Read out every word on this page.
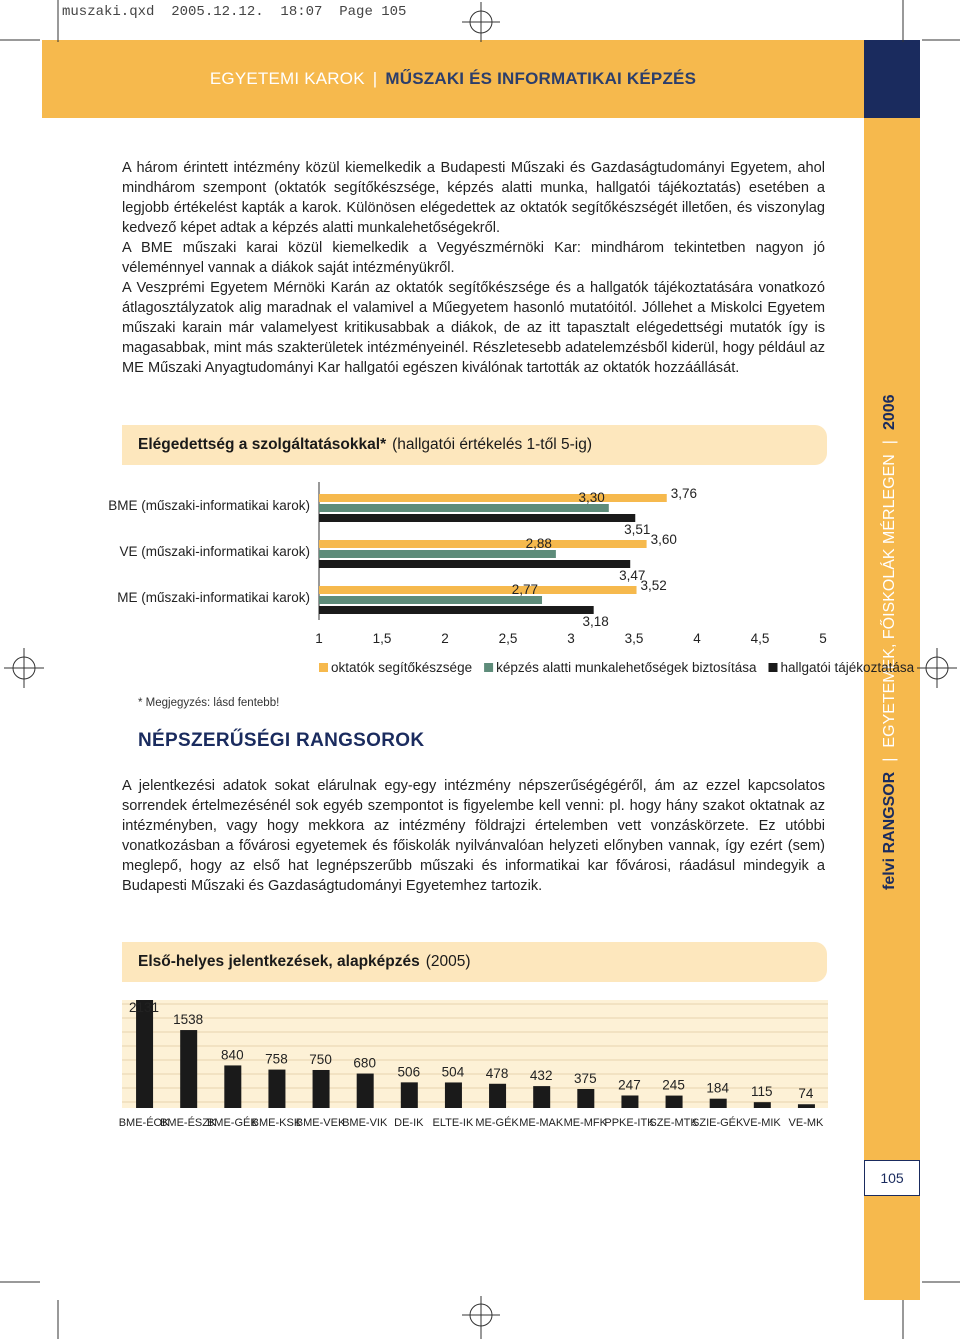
muszaki.qxd  2005.12.12.  18:07  Page 105
EGYETEMI KAROK | MŰSZAKI ÉS INFORMATIKAI KÉPZÉS
felvi RANGSOR
|
EGYETEMEK, FŐISKOLÁK MÉRLEGEN
|
2006
105
A három érintett intézmény közül kiemelkedik a Budapesti Műszaki és Gazdaságtudományi Egyetem, ahol mindhárom szempont (oktatók segítőkészsége, képzés alatti munka, hallgatói tájékoztatás) esetében a legjobb értékelést kapták a karok. Különösen elégedettek az oktatók segítőkészségét illetően, és viszonylag kedvező képet adtak a képzés alatti munkalehetőségekről.
A BME műszaki karai közül kiemelkedik a Vegyészmérnöki Kar: mindhárom tekintetben nagyon jó véleménnyel vannak a diákok saját intézményükről.
A Veszprémi Egyetem Mérnöki Karán az oktatók segítőkészsége és a hallgatók tájékoztatására vonatkozó átlagosztályzatok alig maradnak el valamivel a Műegyetem hasonló mutatóitól. Jóllehet a Miskolci Egyetem műszaki karain már valamelyest kritikusabbak a diákok, de az itt tapasztalt elégedettségi mutatók így is magasabbak, mint más szakterületek intézményeinél. Részletesebb adatelemzésből kiderül, hogy például az ME Műszaki Anyagtudományi Kar hallgatói egészen kiválónak tartották az oktatók hozzáállását.
Elégedettség a szolgáltatásokkal* (hallgatói értékelés 1-től 5-ig)
BME (műszaki-informatikai karok)
3,76
3,30
3,51
VE (műszaki-informatikai karok)
3,60
2,88
3,47
ME (műszaki-informatikai karok)
3,52
2,77
3,18
1	1,5	2	2,5	3	3,5	4	4,5	5
oktatók segítőkészsége képzés alatti munkalehetőségek biztosítása hallgatói tájékoztatása
* Megjegyzés: lásd fentebb!
NÉPSZERŰSÉGI RANGSOROK
A jelentkezési adatok sokat elárulnak egy-egy intézmény népszerűségégéről, ám az ezzel kapcsolatos sorrendek értelmezésénél sok egyéb szempontot is figyelembe kell venni: pl. hogy hány szakot oktatnak az intézményben, vagy hogy mekkora az intézmény földrajzi értelemben vett vonzáskörzete. Ez utóbbi vonatkozásban a fővárosi egyetemek és főiskolák nyilvánvalóan helyzeti előnyben vannak, így ezért (sem) meglepő, hogy az első hat legnépszerűbb műszaki és informatikai kar fővárosi, ráadásul mindegyik a Budapesti Műszaki és Gazdaságtudományi Egyetemhez tartozik.
Első-helyes jelentkezések, alapképzés (2005)
2131
BME-ÉOK
1538
BME-ÉSZK
840
BME-GÉK
758
BME-KSK
750
BME-VEK
680
BME-VIK
506
DE-IK
504
ELTE-IK
478
ME-GÉK
432
ME-MAK
375
ME-MFK
247
PPKE-ITK
245
SZE-MTK
184
SZIE-GÉK
115
VE-MIK
74
VE-MK
